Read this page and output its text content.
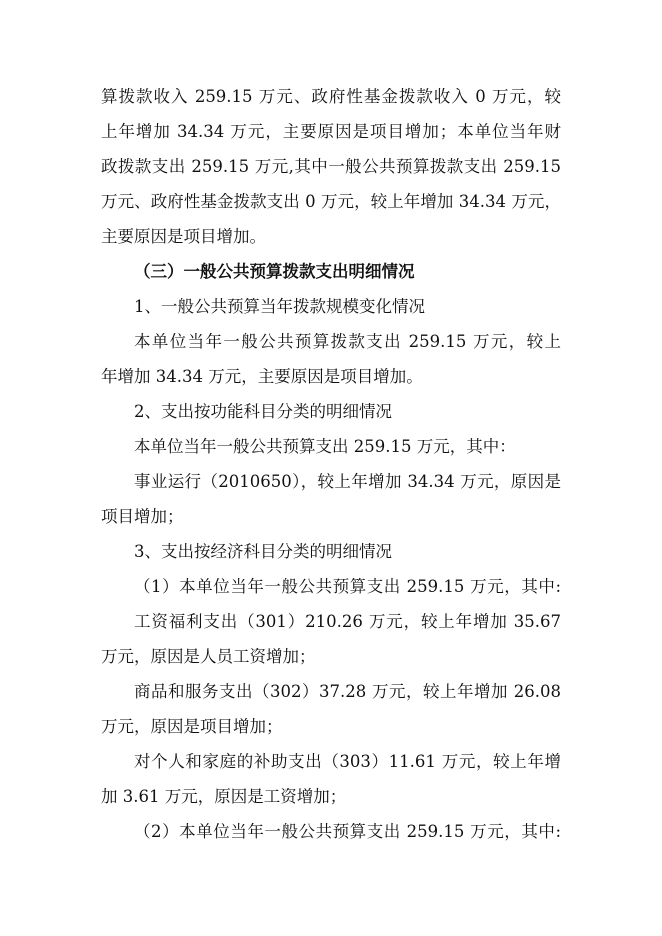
算拨款收入 259.15 万元、政府性基金拨款收入 0 万元，较
上年增加 34.34 万元，主要原因是项目增加；本单位当年财
政拨款支出 259.15 万元,其中一般公共预算拨款支出 259.15
万元、政府性基金拨款支出 0 万元，较上年增加 34.34 万元，
主要原因是项目增加。
（三）一般公共预算拨款支出明细情况
1、一般公共预算当年拨款规模变化情况
本单位当年一般公共预算拨款支出 259.15 万元，较上
年增加 34.34 万元，主要原因是项目增加。
2、支出按功能科目分类的明细情况
本单位当年一般公共预算支出 259.15 万元，其中：
事业运行（2010650），较上年增加 34.34 万元，原因是
项目增加；
3、支出按经济科目分类的明细情况
（1）本单位当年一般公共预算支出 259.15 万元，其中:
工资福利支出（301）210.26 万元，较上年增加 35.67
万元，原因是人员工资增加；
商品和服务支出（302）37.28 万元，较上年增加 26.08
万元，原因是项目增加；
对个人和家庭的补助支出（303）11.61 万元，较上年增
加 3.61 万元，原因是工资增加；
（2）本单位当年一般公共预算支出 259.15 万元，其中:
